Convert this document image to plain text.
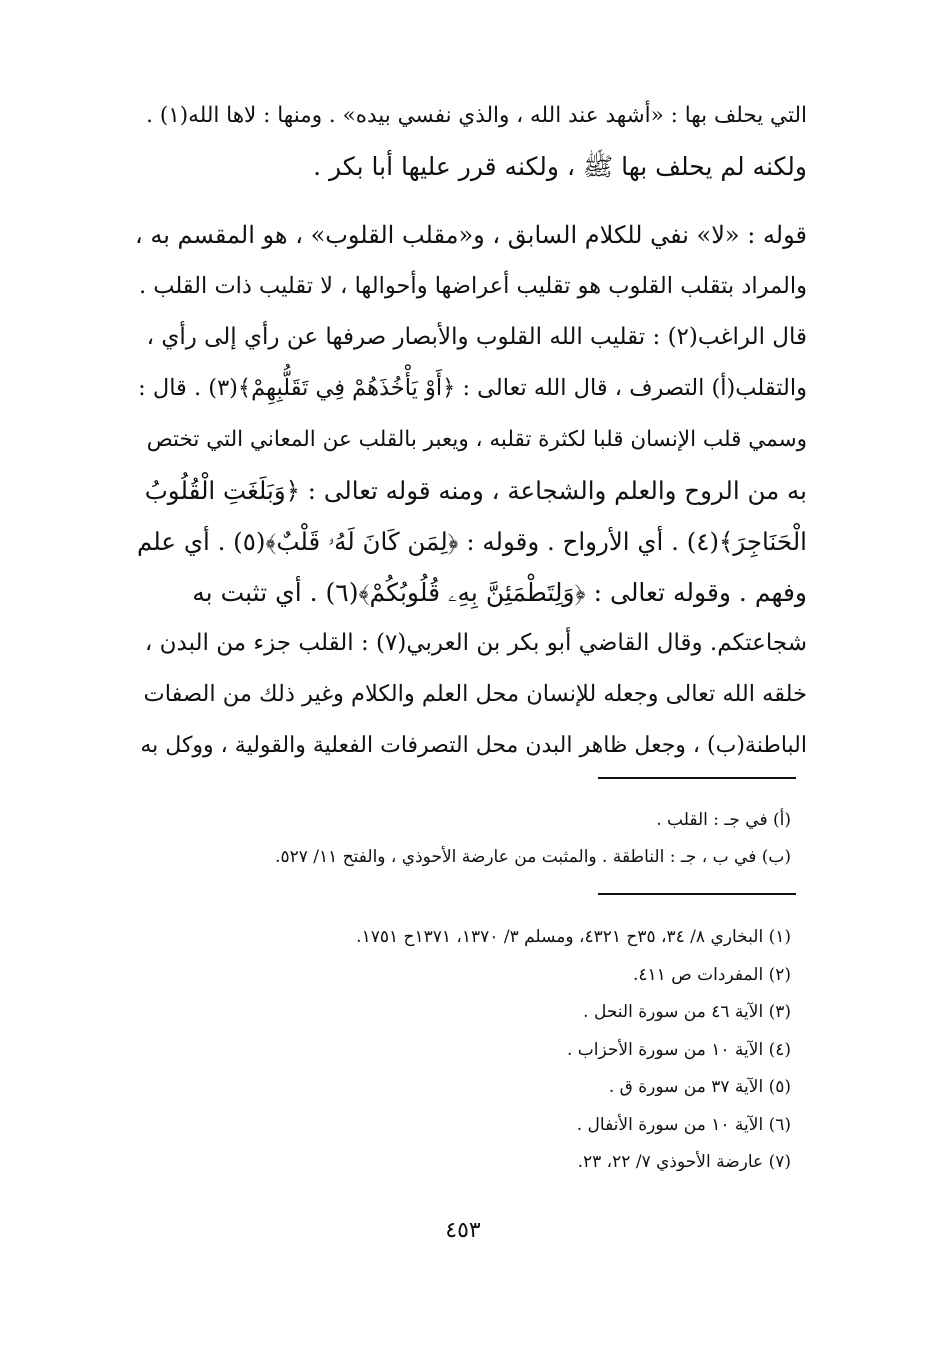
التي يحلف بها : «أشهد عند الله ، والذي نفسي بيده» . ومنها : لاها الله(١) .
ولكنه لم يحلف بها ﷺ ، ولكنه قرر عليها أبا بكر .
قوله : «لا» نفي للكلام السابق ، و«مقلب القلوب» ، هو المقسم به ،
والمراد بتقلب القلوب هو تقليب أعراضها وأحوالها ، لا تقليب ذات القلب .
قال الراغب(٢) : تقليب الله القلوب والأبصار صرفها عن رأي إلى رأي ،
والتقلب(أ) التصرف ، قال الله تعالى : ﴿أَوْ يَأْخُذَهُمْ فِي تَقَلُّبِهِمْ﴾(٣) . قال :
وسمي قلب الإنسان قلبا لكثرة تقلبه ، ويعبر بالقلب عن المعاني التي تختص
به من الروح والعلم والشجاعة ، ومنه قوله تعالى : ﴿وَبَلَغَتِ الْقُلُوبُ
الْحَنَاجِرَ﴾(٤) . أي الأرواح . وقوله : ﴿لِمَن كَانَ لَهُۥ قَلْبٌ﴾(٥) . أي علم
وفهم . وقوله تعالى : ﴿وَلِتَطْمَئِنَّ بِهِۦ قُلُوبُكُمْ﴾(٦) . أي تثبت به
شجاعتكم. وقال القاضي أبو بكر بن العربي(٧) : القلب جزء من البدن ،
خلقه الله تعالى وجعله للإنسان محل العلم والكلام وغير ذلك من الصفات
الباطنة(ب) ، وجعل ظاهر البدن محل التصرفات الفعلية والقولية ، ووكل به
(أ) في جـ : القلب .
(ب) في ب ، جـ : الناطقة . والمثبت من عارضة الأحوذي ، والفتح ١١/ ٥٢٧.
(١) البخاري ٨/ ٣٤، ٣٥ح ٤٣٢١، ومسلم ٣/ ١٣٧٠، ١٣٧١ح ١٧٥١.
(٢) المفردات ص ٤١١.
(٣) الآية ٤٦ من سورة النحل .
(٤) الآية ١٠ من سورة الأحزاب .
(٥) الآية ٣٧ من سورة ق .
(٦) الآية ١٠ من سورة الأنفال .
(٧) عارضة الأحوذي ٧/ ٢٢، ٢٣.
٤٥٣
